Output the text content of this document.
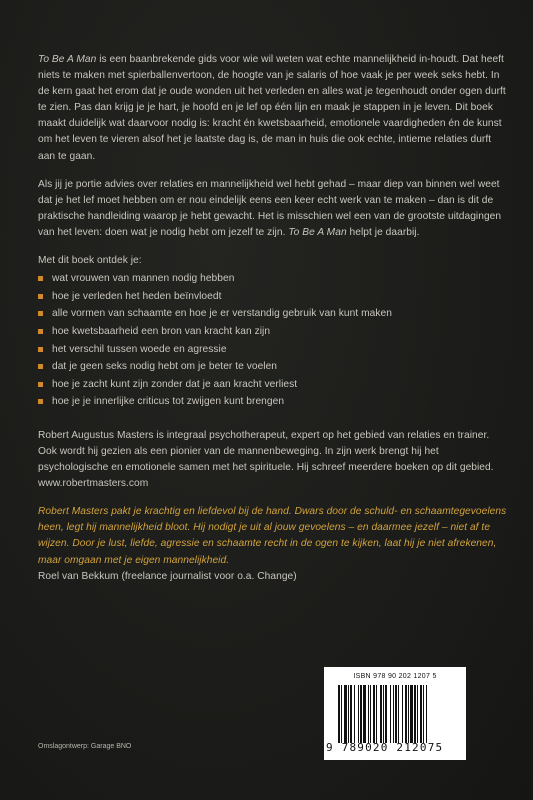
To Be A Man is een baanbrekende gids voor wie wil weten wat echte mannelijkheid in-houdt. Dat heeft niets te maken met spierballenvertoon, de hoogte van je salaris of hoe vaak je per week seks hebt. In de kern gaat het erom dat je oude wonden uit het verleden en alles wat je tegenhoudt onder ogen durft te zien. Pas dan krijg je je hart, je hoofd en je lef op één lijn en maak je stappen in je leven. Dit boek maakt duidelijk wat daarvoor nodig is: kracht én kwetsbaarheid, emotionele vaardigheden én de kunst om het leven te vieren alsof het je laatste dag is, de man in huis die ook echte, intieme relaties durft aan te gaan.

Als jij je portie advies over relaties en mannelijkheid wel hebt gehad – maar diep van binnen wel weet dat je het lef moet hebben om er nou eindelijk eens een keer echt werk van te maken – dan is dit de praktische handleiding waarop je hebt gewacht. Het is misschien wel een van de grootste uitdagingen van het leven: doen wat je nodig hebt om jezelf te zijn. To Be A Man helpt je daarbij.

Met dit boek ontdek je:

wat vrouwen van mannen nodig hebben
hoe je verleden het heden beïnvloedt
alle vormen van schaamte en hoe je er verstandig gebruik van kunt maken
hoe kwetsbaarheid een bron van kracht kan zijn
het verschil tussen woede en agressie
dat je geen seks nodig hebt om je beter te voelen
hoe je zacht kunt zijn zonder dat je aan kracht verliest
hoe je je innerlijke criticus tot zwijgen kunt brengen

Robert Augustus Masters is integraal psychotherapeut, expert op het gebied van relaties en trainer. Ook wordt hij gezien als een pionier van de mannenbeweging. In zijn werk brengt hij het psychologische en emotionele samen met het spirituele. Hij schreef meerdere boeken op dit gebied. www.robertmasters.com

Robert Masters pakt je krachtig en liefdevol bij de hand. Dwars door de schuld- en schaamtegevoelens heen, legt hij mannelijkheid bloot. Hij nodigt je uit al jouw gevoelens – en daarmee jezelf – niet af te wijzen. Door je lust, liefde, agressie en schaamte recht in de ogen te kijken, laat hij je niet afrekenen, maar omgaan met je eigen mannelijkheid.
Roel van Bekkum (freelance journalist voor o.a. Change)

ISBN 978 90 202 1207 5
9 789020 212075
Omslagontwerp: Garage BNO
